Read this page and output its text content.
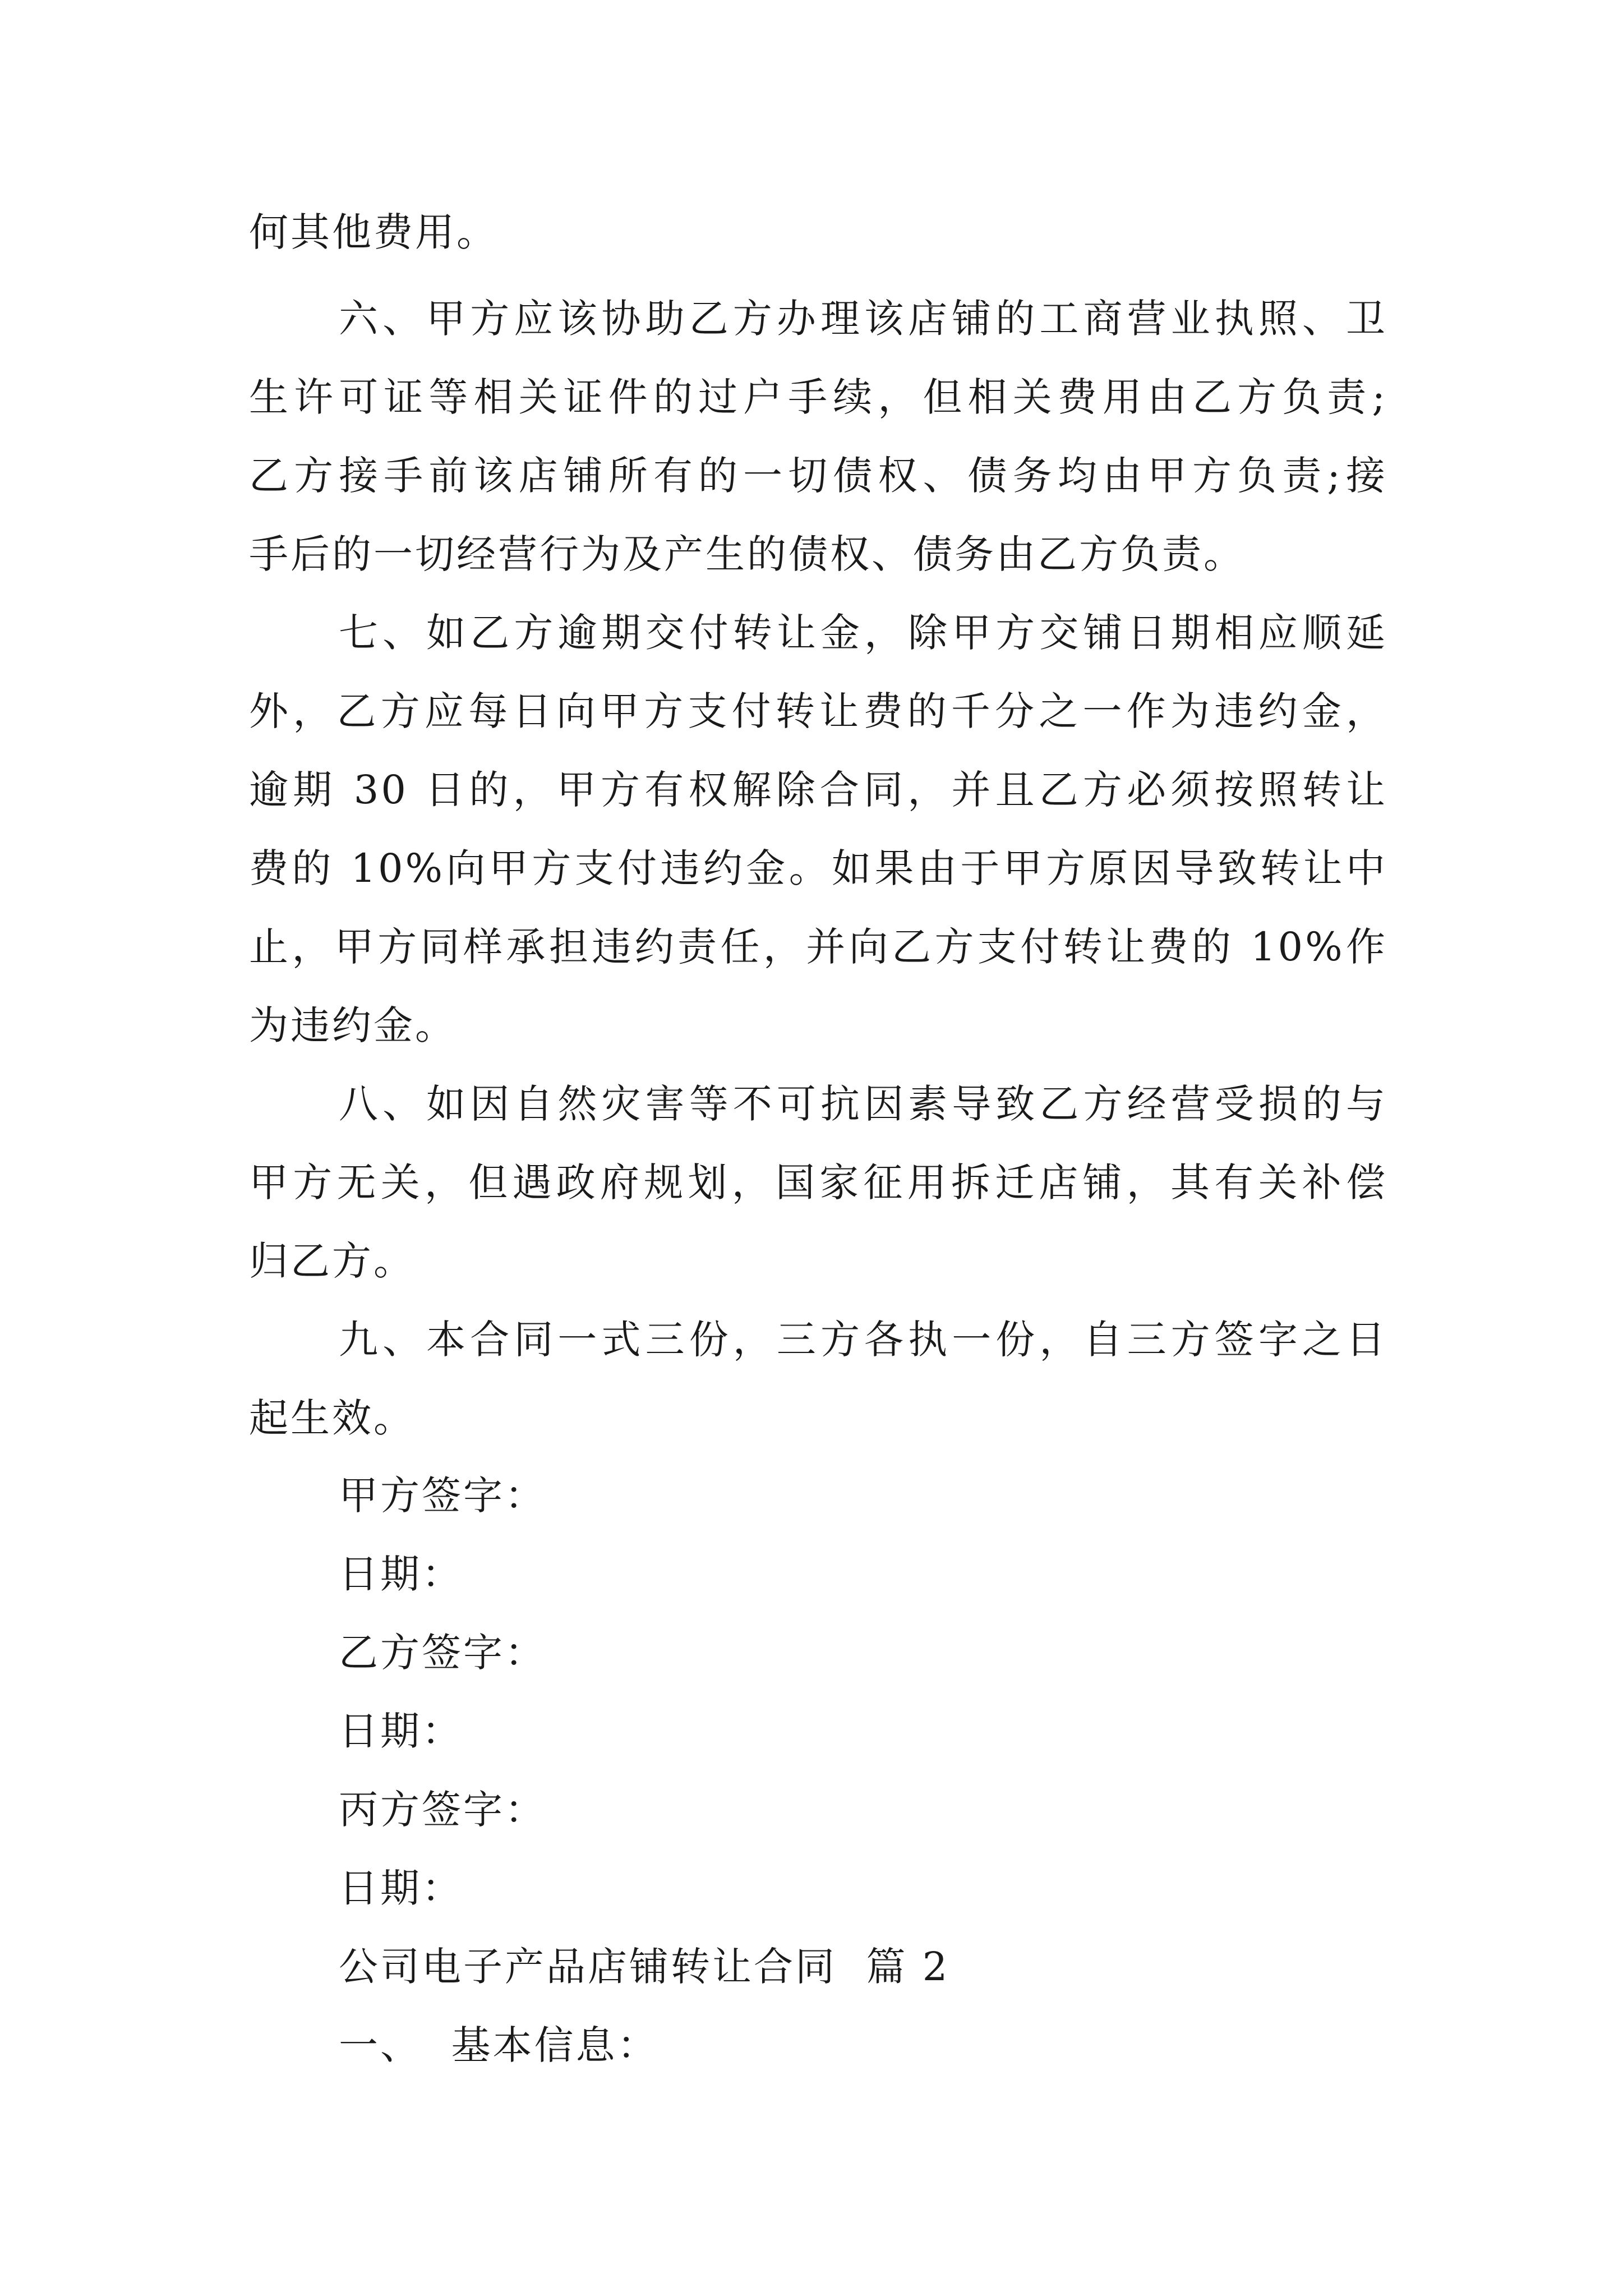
何其他费用。
六、甲方应该协助乙方办理该店铺的工商营业执照、卫
生许可证等相关证件的过户手续，但相关费用由乙方负责;
乙方接手前该店铺所有的一切债权、债务均由甲方负责;接
手后的一切经营行为及产生的债权、债务由乙方负责。
七、如乙方逾期交付转让金，除甲方交铺日期相应顺延
外，乙方应每日向甲方支付转让费的千分之一作为违约金，
逾期 30 日的，甲方有权解除合同，并且乙方必须按照转让
费的 10%向甲方支付违约金。如果由于甲方原因导致转让中
止，甲方同样承担违约责任，并向乙方支付转让费的 10%作
为违约金。
八、如因自然灾害等不可抗因素导致乙方经营受损的与
甲方无关，但遇政府规划，国家征用拆迁店铺，其有关补偿
归乙方。
九、本合同一式三份，三方各执一份，自三方签字之日
起生效。
甲方签字：
日期：
乙方签字：
日期：
丙方签字：
日期：
公司电子产品店铺转让合同  篇 2
一、  基本信息：
